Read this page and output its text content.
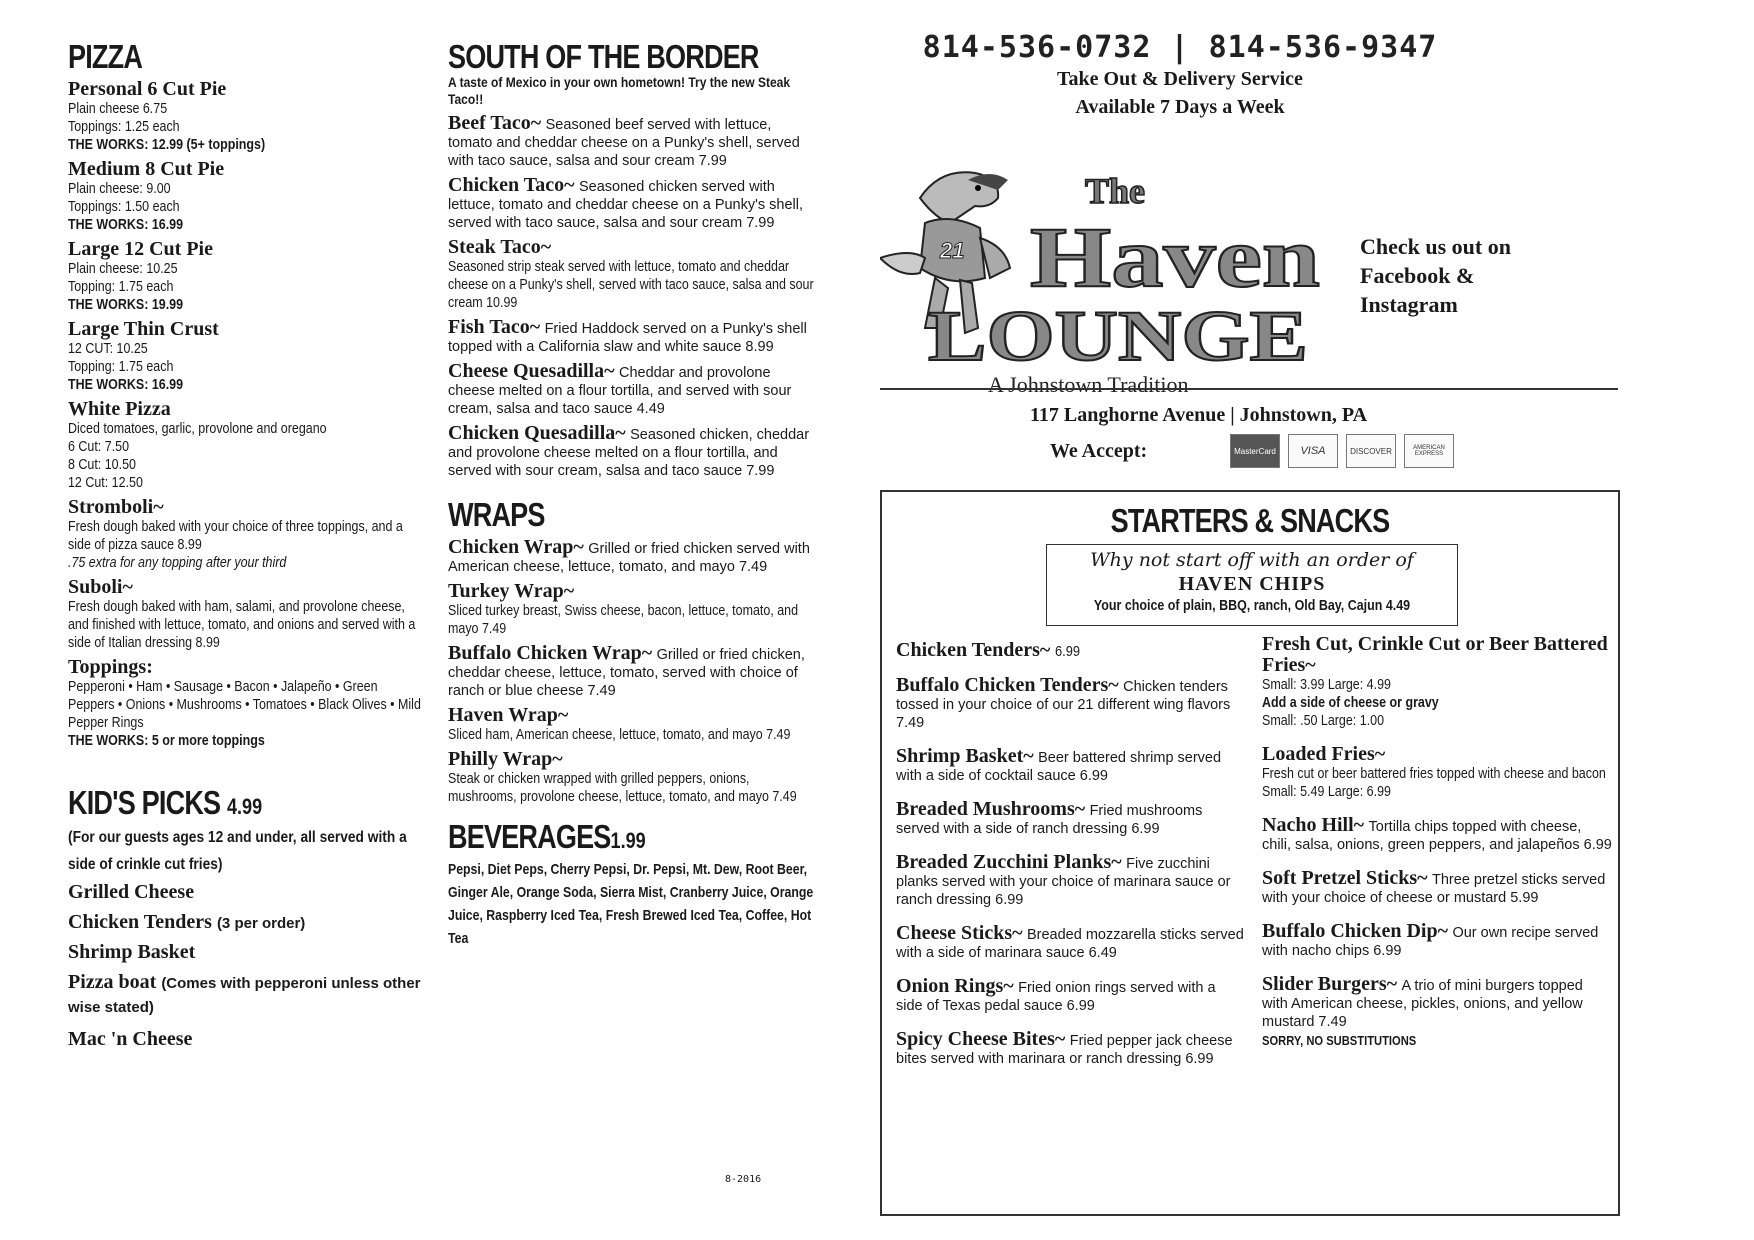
PIZZA
Personal 6 Cut Pie
Plain cheese 6.75
Toppings: 1.25 each
THE WORKS: 12.99 (5+ toppings)
Medium 8 Cut Pie
Plain cheese: 9.00
Toppings: 1.50 each
THE WORKS: 16.99
Large 12 Cut Pie
Plain cheese: 10.25
Topping: 1.75 each
THE WORKS: 19.99
Large Thin Crust
12 CUT: 10.25
Topping: 1.75 each
THE WORKS: 16.99
White Pizza
Diced tomatoes, garlic, provolone and oregano
6 Cut: 7.50
8 Cut: 10.50
12 Cut: 12.50
Stromboli~
Fresh dough baked with your choice of three toppings, and a side of pizza sauce 8.99
.75 extra for any topping after your third
Suboli~
Fresh dough baked with ham, salami, and provolone cheese, and finished with lettuce, tomato, and onions and served with a side of Italian dressing 8.99
Toppings:
Pepperoni • Ham • Sausage • Bacon • Jalapeño • Green Peppers • Onions • Mushrooms • Tomatoes • Black Olives • Mild Pepper Rings
THE WORKS: 5 or more toppings
KID'S PICKS 4.99
(For our guests ages 12 and under, all served with a side of crinkle cut fries)
Grilled Cheese
Chicken Tenders (3 per order)
Shrimp Basket
Pizza boat (Comes with pepperoni unless other wise stated)
Mac 'n Cheese
SOUTH OF THE BORDER
A taste of Mexico in your own hometown! Try the new Steak Taco!!
Beef Taco~ Seasoned beef served with lettuce, tomato and cheddar cheese on a Punky's shell, served with taco sauce, salsa and sour cream 7.99
Chicken Taco~ Seasoned chicken served with lettuce, tomato and cheddar cheese on a Punky's shell, served with taco sauce, salsa and sour cream 7.99
Steak Taco~
Seasoned strip steak served with lettuce, tomato and cheddar cheese on a Punky's shell, served with taco sauce, salsa and sour cream 10.99
Fish Taco~ Fried Haddock served on a Punky's shell topped with a California slaw and white sauce 8.99
Cheese Quesadilla~ Cheddar and provolone cheese melted on a flour tortilla, and served with sour cream, salsa and taco sauce 4.49
Chicken Quesadilla~ Seasoned chicken, cheddar and provolone cheese melted on a flour tortilla, and served with sour cream, salsa and taco sauce 7.99
WRAPS
Chicken Wrap~ Grilled or fried chicken served with American cheese, lettuce, tomato, and mayo 7.49
Turkey Wrap~
Sliced turkey breast, Swiss cheese, bacon, lettuce, tomato, and mayo 7.49
Buffalo Chicken Wrap~ Grilled or fried chicken, cheddar cheese, lettuce, tomato, served with choice of ranch or blue cheese 7.49
Haven Wrap~
Sliced ham, American cheese, lettuce, tomato, and mayo 7.49
Philly Wrap~
Steak or chicken wrapped with grilled peppers, onions, mushrooms, provolone cheese, lettuce, tomato, and mayo 7.49
BEVERAGES1.99
Pepsi, Diet Peps, Cherry Pepsi, Dr. Pepsi, Mt. Dew, Root Beer, Ginger Ale, Orange Soda, Sierra Mist, Cranberry Juice, Orange Juice, Raspberry Iced Tea, Fresh Brewed Iced Tea, Coffee, Hot Tea
8-2016
814-536-0732 | 814-536-9347
Take Out & Delivery Service
Available 7 Days a Week
21
The
Haven
LOUNGE
A Johnstown Tradition
Check us out on
Facebook &
Instagram
117 Langhorne Avenue | Johnstown, PA
We Accept:	MasterCard	VISA	DISCOVER	AMERICAN EXPRESS
STARTERS & SNACKS
Why not start off with an order of
HAVEN CHIPS
Your choice of plain, BBQ, ranch, Old Bay, Cajun 4.49
Chicken Tenders~ 6.99
Buffalo Chicken Tenders~ Chicken tenders tossed in your choice of our 21 different wing flavors 7.49
Shrimp Basket~ Beer battered shrimp served with a side of cocktail sauce 6.99
Breaded Mushrooms~ Fried mushrooms served with a side of ranch dressing 6.99
Breaded Zucchini Planks~ Five zucchini planks served with your choice of marinara sauce or ranch dressing 6.99
Cheese Sticks~ Breaded mozzarella sticks served with a side of marinara sauce 6.49
Onion Rings~ Fried onion rings served with a side of Texas pedal sauce 6.99
Spicy Cheese Bites~ Fried pepper jack cheese bites served with marinara or ranch dressing 6.99
Fresh Cut, Crinkle Cut or Beer Battered Fries~
Small: 3.99 Large: 4.99
Add a side of cheese or gravy
Small: .50 Large: 1.00
Loaded Fries~
Fresh cut or beer battered fries topped with cheese and bacon Small: 5.49 Large: 6.99
Nacho Hill~ Tortilla chips topped with cheese, chili, salsa, onions, green peppers, and jalapeños 6.99
Soft Pretzel Sticks~ Three pretzel sticks served with your choice of cheese or mustard 5.99
Buffalo Chicken Dip~ Our own recipe served with nacho chips 6.99
Slider Burgers~ A trio of mini burgers topped with American cheese, pickles, onions, and yellow mustard 7.49
SORRY, NO SUBSTITUTIONS
